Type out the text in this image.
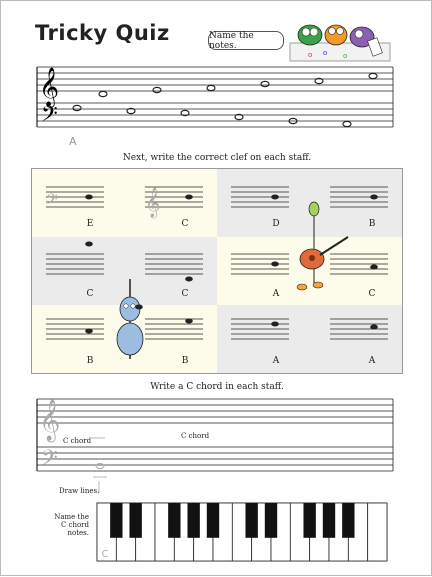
Tricky Quiz	Name the notes.
o o o
𝄞
𝄢
A
Next, write the correct clef on each staff.
𝄢	𝄞
E	C	D	B
C	C	A	C
B	B	A	A
Write a C chord in each staff.
𝄞
𝄢
C chord
C chord
Draw lines.
Name the
C chord notes.
C
